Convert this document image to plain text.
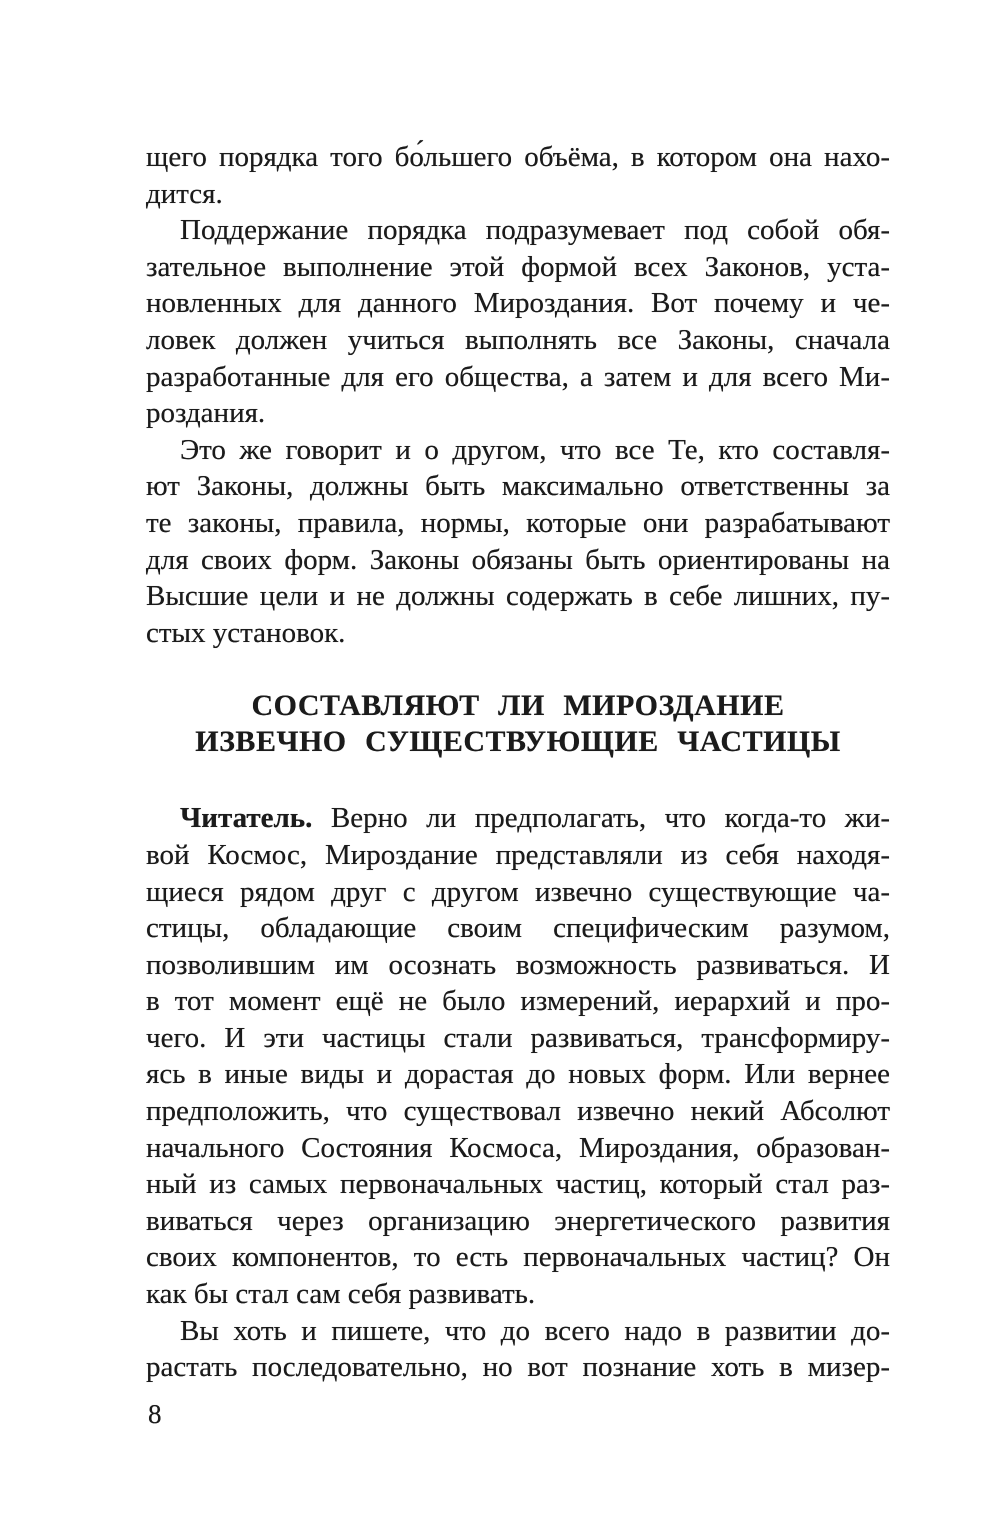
щего порядка того бо́льшего объёма, в котором она нахо-
дится.
Поддержание порядка подразумевает под собой обя-
зательное выполнение этой формой всех Законов, уста-
новленных для данного Мироздания. Вот почему и че-
ловек должен учиться выполнять все Законы, сначала
разработанные для его общества, а затем и для всего Ми-
роздания.
Это же говорит и о другом, что все Те, кто составля-
ют Законы, должны быть максимально ответственны за
те законы, правила, нормы, которые они разрабатывают
для своих форм. Законы обязаны быть ориентированы на
Высшие цели и не должны содержать в себе лишних, пу-
стых установок.
СОСТАВЛЯЮТ ЛИ МИРОЗДАНИЕ
ИЗВЕЧНО СУЩЕСТВУЮЩИЕ ЧАСТИЦЫ
Читатель. Верно ли предполагать, что когда-то жи-
вой Космос, Мироздание представляли из себя находя-
щиеся рядом друг с другом извечно существующие ча-
стицы, обладающие своим специфическим разумом,
позволившим им осознать возможность развиваться. И
в тот момент ещё не было измерений, иерархий и про-
чего. И эти частицы стали развиваться, трансформиру-
ясь в иные виды и дорастая до новых форм. Или вернее
предположить, что существовал извечно некий Абсолют
начального Состояния Космоса, Мироздания, образован-
ный из самых первоначальных частиц, который стал раз-
виваться через организацию энергетического развития
своих компонентов, то есть первоначальных частиц? Он
как бы стал сам себя развивать.
Вы хоть и пишете, что до всего надо в развитии до-
растать последовательно, но вот познание хоть в мизер-
8
